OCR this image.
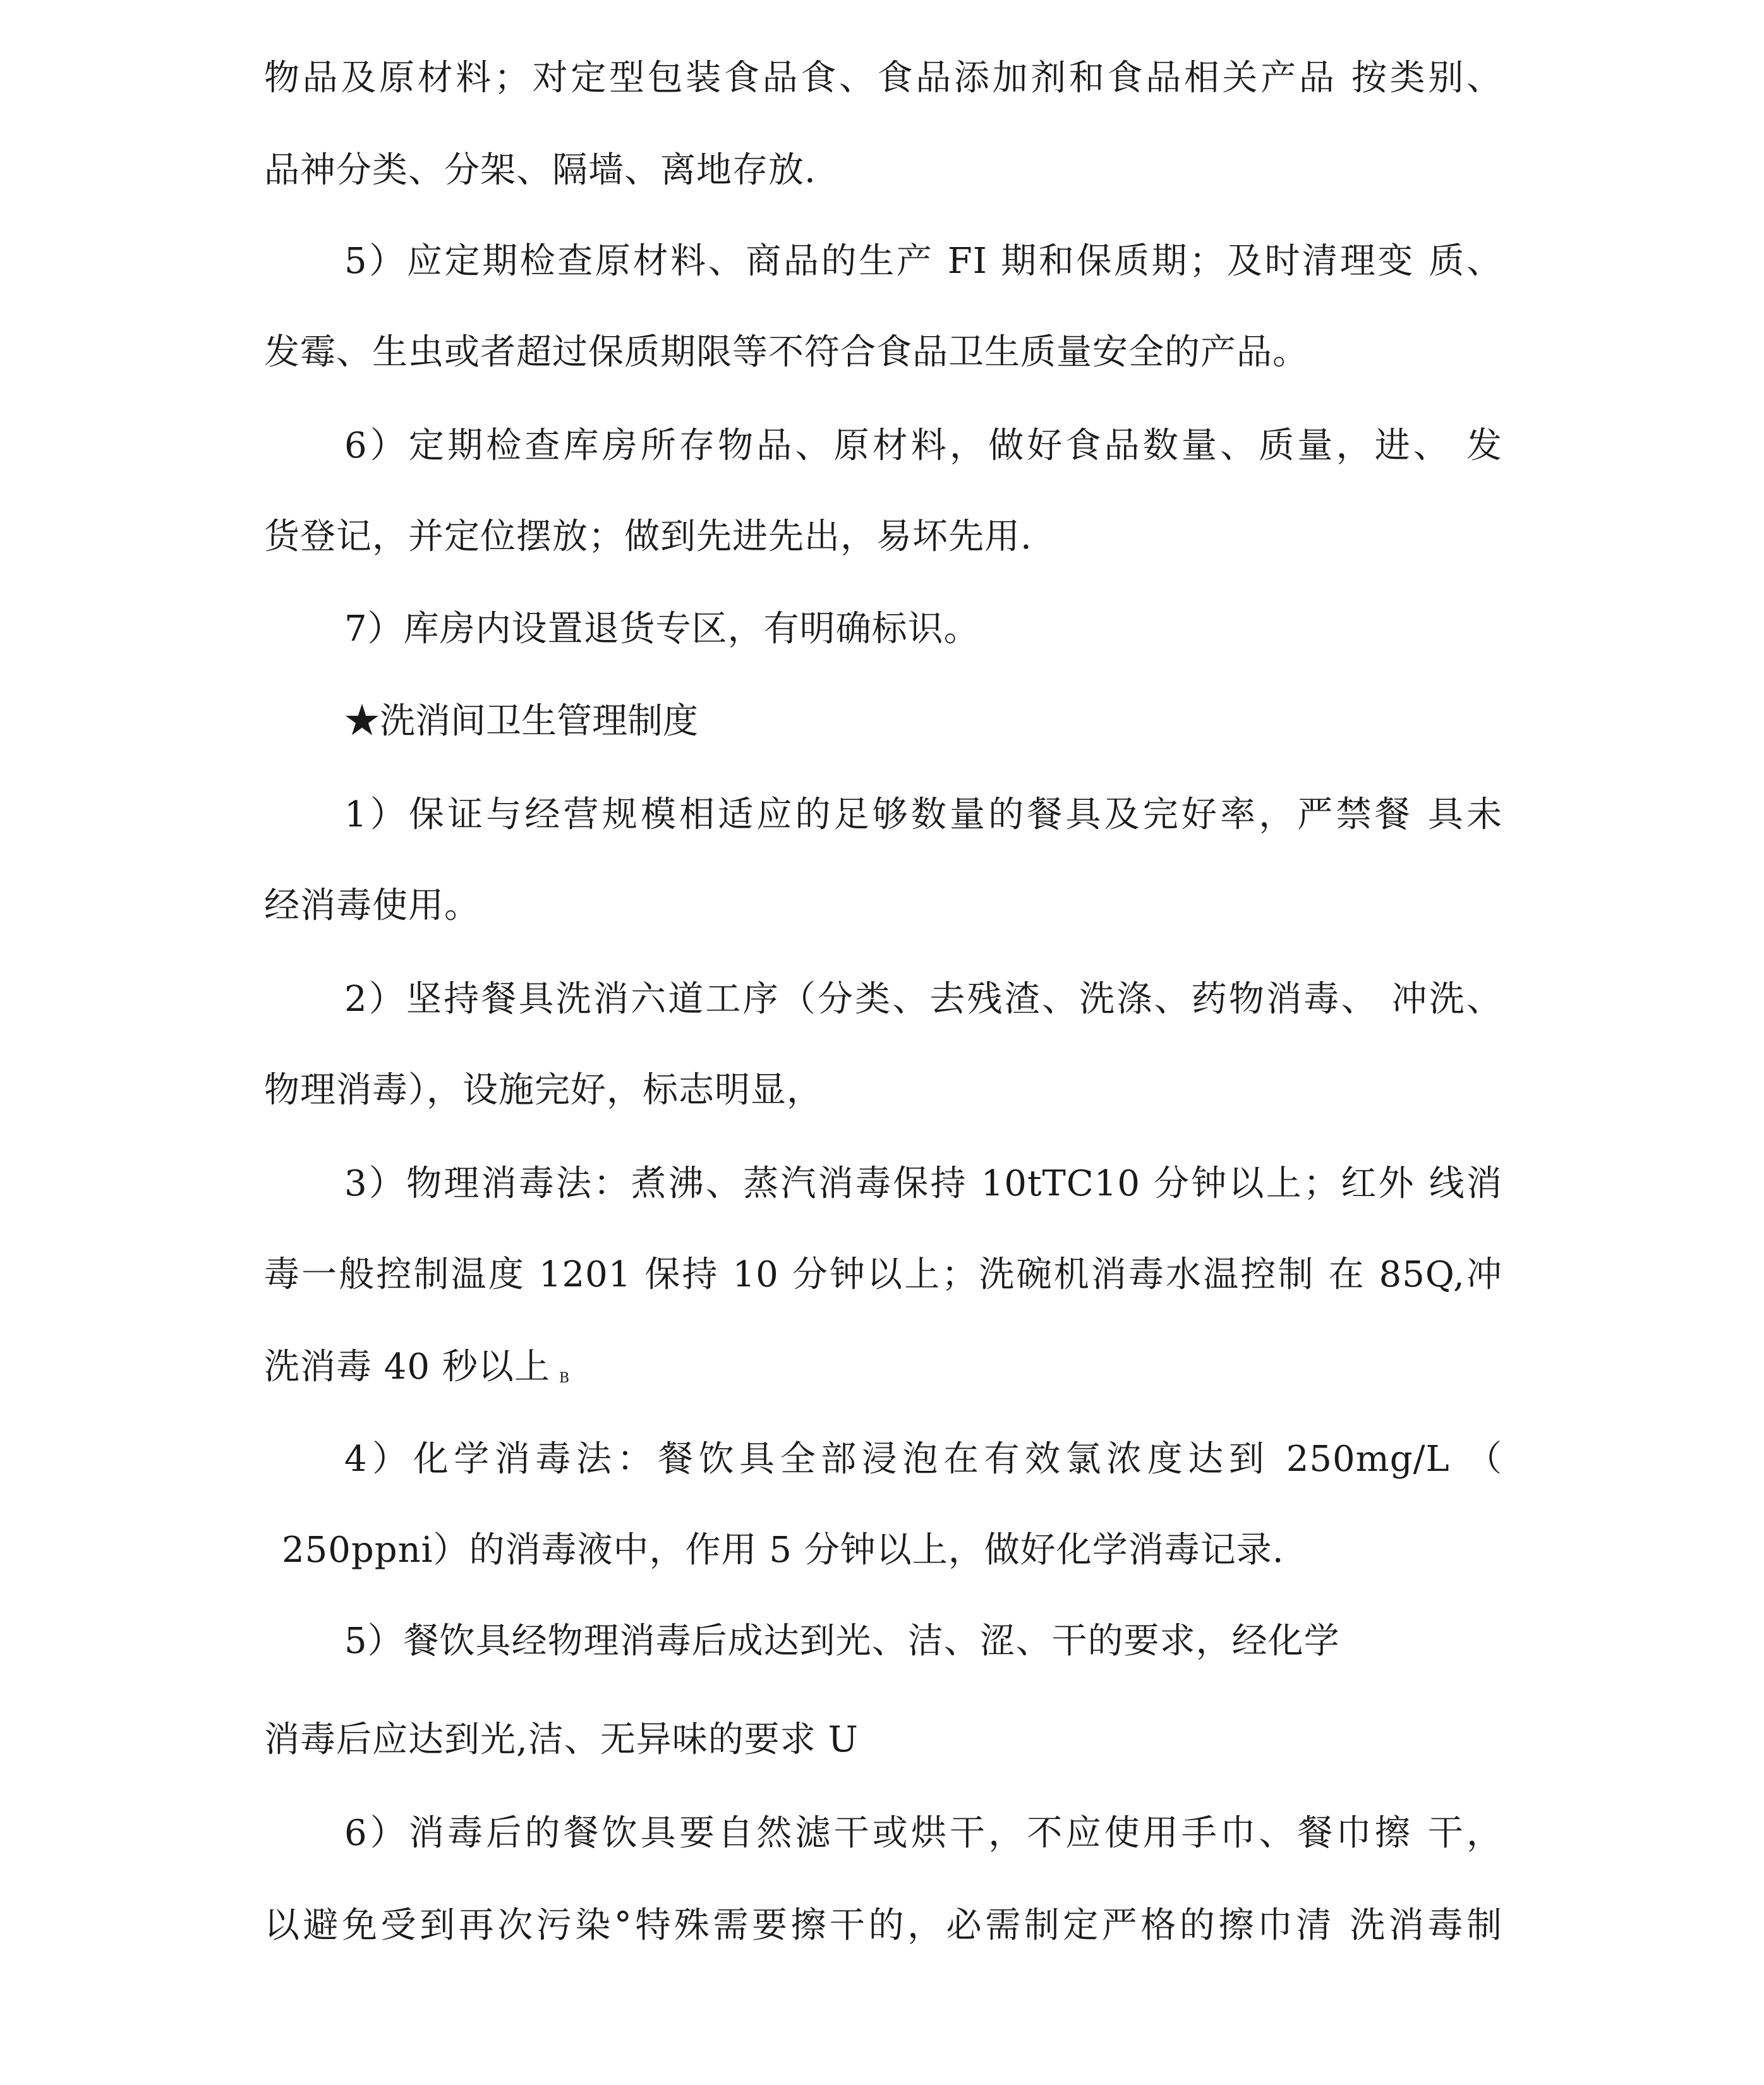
物品及原材料；对定型包装食品食、食品添加剂和食品相关产品 按类别、
品神分类、分架、隔墙、离地存放.
5）应定期检查原材料、商品的生产 FI 期和保质期；及时清理变 质、
发霉、生虫或者超过保质期限等不符合食品卫生质量安全的产品。
6）定期检查库房所存物品、原材料，做好食品数量、质量，进、 发
货登记，并定位摆放；做到先进先出，易坏先用.
7）库房内设置退货专区，有明确标识。
★洗消间卫生管理制度
1）保证与经营规模相适应的足够数量的餐具及完好率，严禁餐 具未
经消毒使用。
2）坚持餐具洗消六道工序（分类、去残渣、洗涤、药物消毒、 冲洗、
物理消毒），设施完好，标志明显，
3）物理消毒法：煮沸、蒸汽消毒保持 10tTC10 分钟以上；红外 线消
毒一般控制温度 1201 保持 10 分钟以上；洗碗机消毒水温控制 在 85Q,冲
洗消毒 40 秒以上 B
4）化学消毒法：餐饮具全部浸泡在有效氯浓度达到 250mg/L （
250ppni）的消毒液中，作用 5 分钟以上，做好化学消毒记录.
5）餐饮具经物理消毒后成达到光、洁、涩、干的要求，经化学
消毒后应达到光,洁、无异味的要求 U
6）消毒后的餐饮具要自然滤干或烘干，不应使用手巾、餐巾擦 干，
以避免受到再次污染°特殊需要擦干的，必需制定严格的擦巾清 洗消毒制
